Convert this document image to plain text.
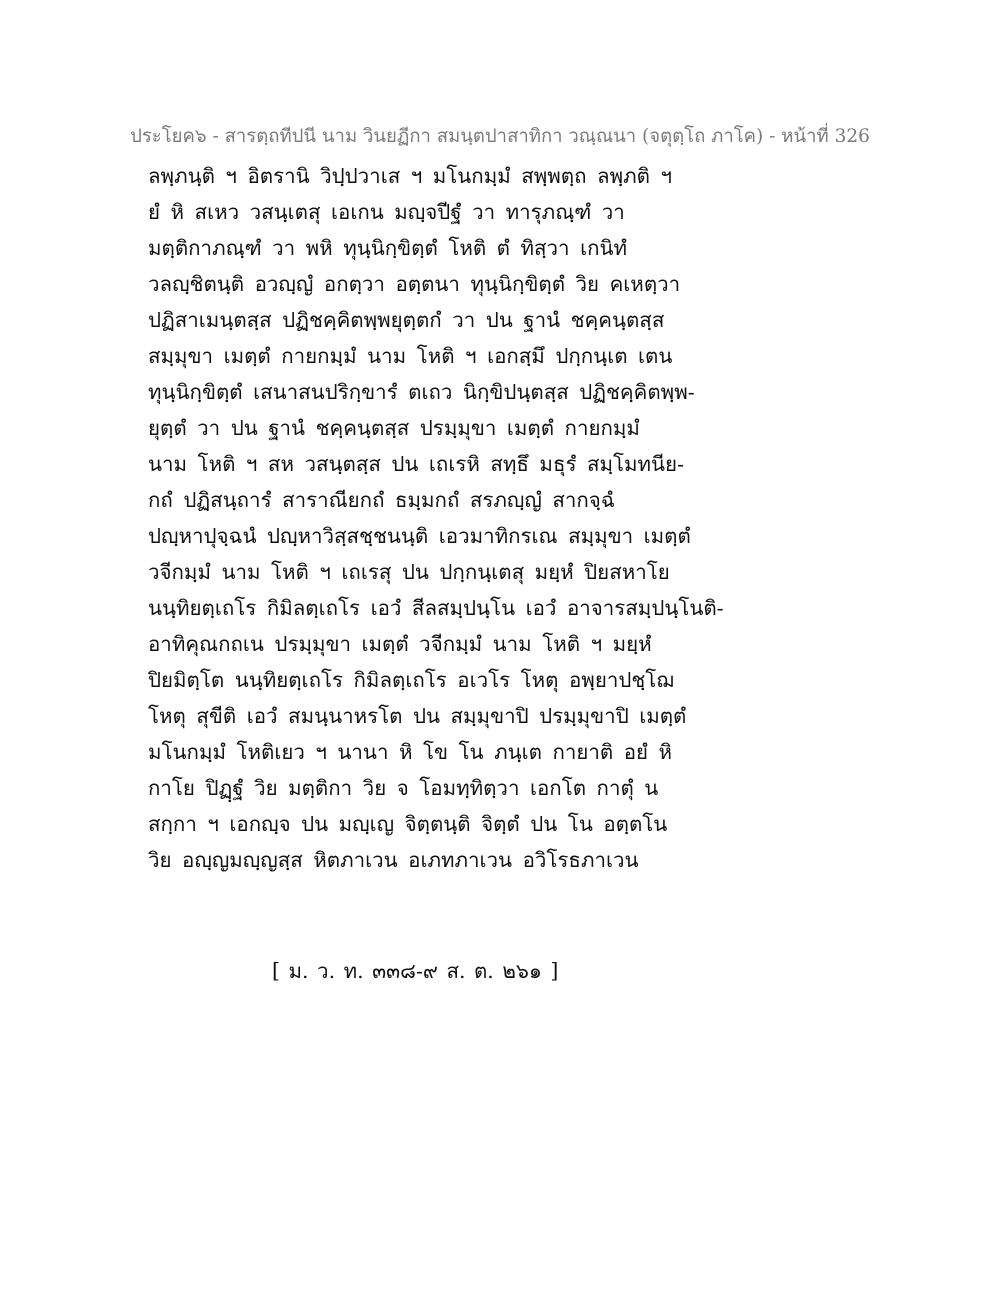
ประโยค๖ - สารตฺถทีปนี นาม วินยฏีกา สมนฺตปาสาทิกา วณฺณนา (จตุตฺโถ ภาโค) - หน้าที่ 326
ลพฺภนฺติ ฯ อิตรานิ วิปฺปวาเส ฯ มโนกมฺมํ สพฺพตฺถ ลพฺภติ ฯ
ยํ หิ สเหว วสนฺเตสุ เอเกน มญฺจปีฐํ วา ทารุภณฺฑํ วา
มตฺติกาภณฺฑํ วา พหิ ทุนฺนิกฺขิตฺตํ โหติ ตํ ทิสฺวา เกนิทํ
วลญฺชิตนฺติ อวญฺญํ อกตฺวา อตฺตนา ทุนฺนิกฺขิตฺตํ วิย คเหตฺวา
ปฏิสาเมนฺตสฺส ปฏิชคฺคิตพฺพยุตฺตกํ วา ปน ฐานํ ชคฺคนฺตสฺส
สมฺมุขา เมตฺตํ กายกมฺมํ นาม โหติ ฯ เอกสฺมึ ปกฺกนฺเต เตน
ทุนฺนิกฺขิตฺตํ เสนาสนปริกฺขารํ ตเถว นิกฺขิปนฺตสฺส ปฏิชคฺคิตพฺพ-
ยุตฺตํ วา ปน ฐานํ ชคฺคนฺตสฺส ปรมฺมุขา เมตฺตํ กายกมฺมํ
นาม โหติ ฯ สห วสนฺตสฺส ปน เถเรหิ สทฺธึ มธุรํ สมฺโมทนีย-
กถํ ปฏิสนฺถารํ สาราณียกถํ ธมฺมกถํ สรภญฺญํ สากจฺฉํ
ปญฺหาปุจฺฉนํ ปญฺหาวิสฺสชฺชนนฺติ เอวมาทิกรเณ สมฺมุขา เมตฺตํ
วจีกมฺมํ นาม โหติ ฯ เถเรสุ ปน ปกฺกนฺเตสุ มยฺหํ ปิยสหาโย
นนฺทิยตฺเถโร กิมิลตฺเถโร เอวํ สีลสมฺปนฺโน เอวํ อาจารสมฺปนฺโนติ-
อาทิคุณกถเน ปรมฺมุขา เมตฺตํ วจีกมฺมํ นาม โหติ ฯ มยฺหํ
ปิยมิตฺโต นนฺทิยตฺเถโร กิมิลตฺเถโร อเวโร โหตุ อพฺยาปชฺโฌ
โหตุ สุขีติ เอวํ สมนฺนาหรโต ปน สมฺมุขาปิ ปรมฺมุขาปิ เมตฺตํ
มโนกมฺมํ โหติเยว ฯ นานา หิ โข โน ภนฺเต กายาติ อยํ หิ
กาโย ปิฏฺฐํ วิย มตฺติกา วิย จ โอมทฺทิตฺวา เอกโต กาตุํ น
สกฺกา ฯ เอกญฺจ ปน มญฺเญ จิตฺตนฺติ จิตฺตํ ปน โน อตฺตโน
วิย อญฺญมญฺญสฺส หิตภาเวน อเภทภาเวน อวิโรธภาเวน
[ ม. ว. ท. ๓๓๘-๙ ส. ต. ๒๖๑ ]
